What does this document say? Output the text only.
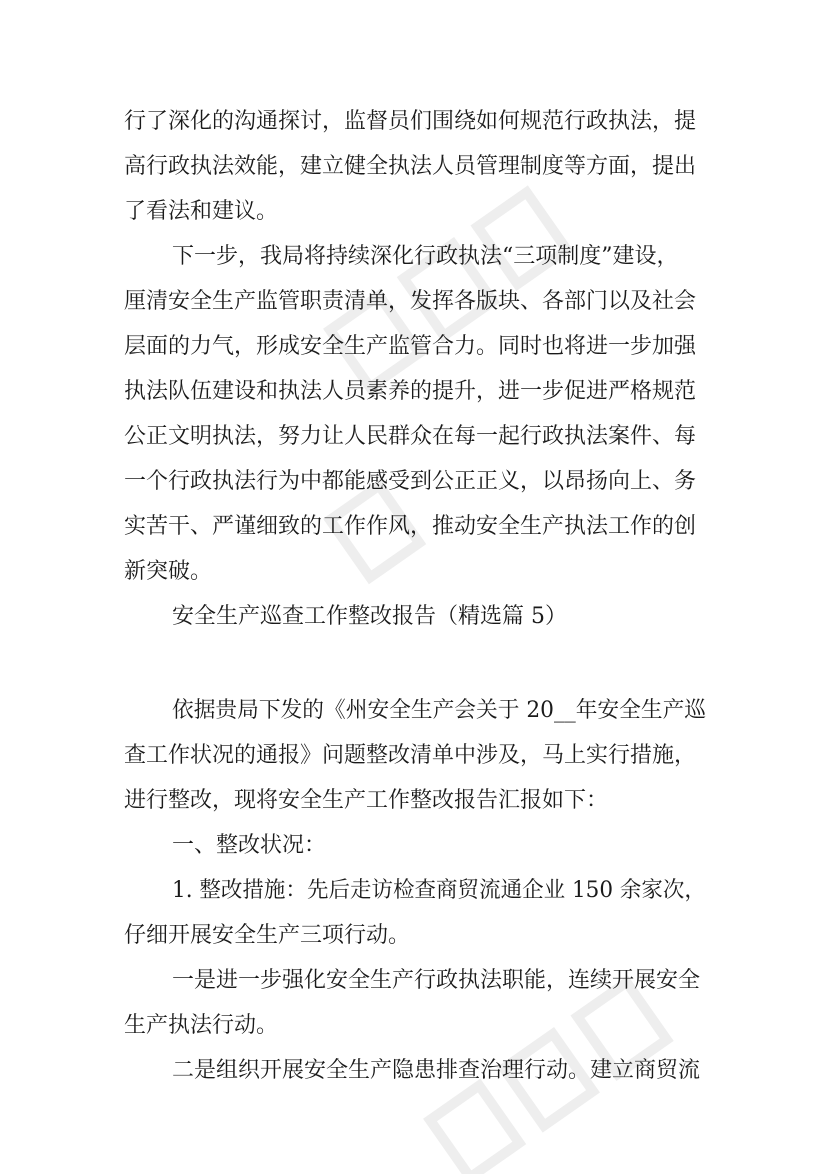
行了深化的沟通探讨，监督员们围绕如何规范行政执法，提
高行政执法效能，建立健全执法人员管理制度等方面，提出
了看法和建议。
下一步，我局将持续深化行政执法“三项制度”建设，
厘清安全生产监管职责清单，发挥各版块、各部门以及社会
层面的力气，形成安全生产监管合力。同时也将进一步加强
执法队伍建设和执法人员素养的提升，进一步促进严格规范
公正文明执法，努力让人民群众在每一起行政执法案件、每
一个行政执法行为中都能感受到公正正义，以昂扬向上、务
实苦干、严谨细致的工作作风，推动安全生产执法工作的创
新突破。
安全生产巡查工作整改报告（精选篇 5）
依据贵局下发的《州安全生产会关于 20__年安全生产巡
查工作状况的通报》问题整改清单中涉及，马上实行措施，
进行整改，现将安全生产工作整改报告汇报如下：
一、整改状况：
1. 整改措施：先后走访检查商贸流通企业 150 余家次，
仔细开展安全生产三项行动。
一是进一步强化安全生产行政执法职能，连续开展安全
生产执法行动。
二是组织开展安全生产隐患排查治理行动。建立商贸流
